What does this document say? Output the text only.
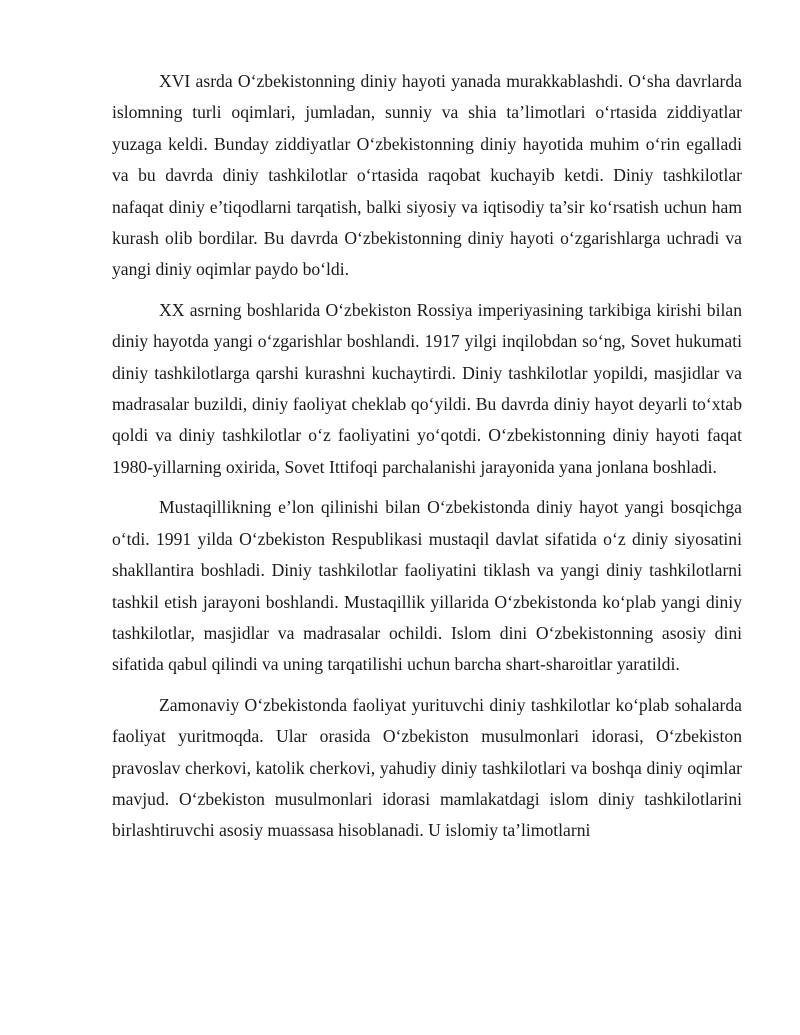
XVI asrda O‘zbekistonning diniy hayoti yanada murakkablashdi. O‘sha davrlarda islomning turli oqimlari, jumladan, sunniy va shia ta’limotlari o‘rtasida ziddiyatlar yuzaga keldi. Bunday ziddiyatlar O‘zbekistonning diniy hayotida muhim o‘rin egalladi va bu davrda diniy tashkilotlar o‘rtasida raqobat kuchayib ketdi. Diniy tashkilotlar nafaqat diniy e’tiqodlarni tarqatish, balki siyosiy va iqtisodiy ta’sir ko‘rsatish uchun ham kurash olib bordilar. Bu davrda O‘zbekistonning diniy hayoti o‘zgarishlarga uchradi va yangi diniy oqimlar paydo bo‘ldi.

XX asrning boshlarida O‘zbekiston Rossiya imperiyasining tarkibiga kirishi bilan diniy hayotda yangi o‘zgarishlar boshlandi. 1917 yilgi inqilobdan so‘ng, Sovet hukumati diniy tashkilotlarga qarshi kurashni kuchaytirdi. Diniy tashkilotlar yopildi, masjidlar va madrasalar buzildi, diniy faoliyat cheklab qo‘yildi. Bu davrda diniy hayot deyarli to‘xtab qoldi va diniy tashkilotlar o‘z faoliyatini yo‘qotdi. O‘zbekistonning diniy hayoti faqat 1980-yillarning oxirida, Sovet Ittifoqi parchalanishi jarayonida yana jonlana boshladi.

Mustaqillikning e’lon qilinishi bilan O‘zbekistonda diniy hayot yangi bosqichga o‘tdi. 1991 yilda O‘zbekiston Respublikasi mustaqil davlat sifatida o‘z diniy siyosatini shakllantira boshladi. Diniy tashkilotlar faoliyatini tiklash va yangi diniy tashkilotlarni tashkil etish jarayoni boshlandi. Mustaqillik yillarida O‘zbekistonda ko‘plab yangi diniy tashkilotlar, masjidlar va madrasalar ochildi. Islom dini O‘zbekistonning asosiy dini sifatida qabul qilindi va uning tarqatilishi uchun barcha shart-sharoitlar yaratildi.

Zamonaviy O‘zbekistonda faoliyat yurituvchi diniy tashkilotlar ko‘plab sohalarda faoliyat yuritmoqda. Ular orasida O‘zbekiston musulmonlari idorasi, O‘zbekiston pravoslav cherkovi, katolik cherkovi, yahudiy diniy tashkilotlari va boshqa diniy oqimlar mavjud. O‘zbekiston musulmonlari idorasi mamlakatdagi islom diniy tashkilotlarini birlashtiruvchi asosiy muassasa hisoblanadi. U islomiy ta’limotlarni
